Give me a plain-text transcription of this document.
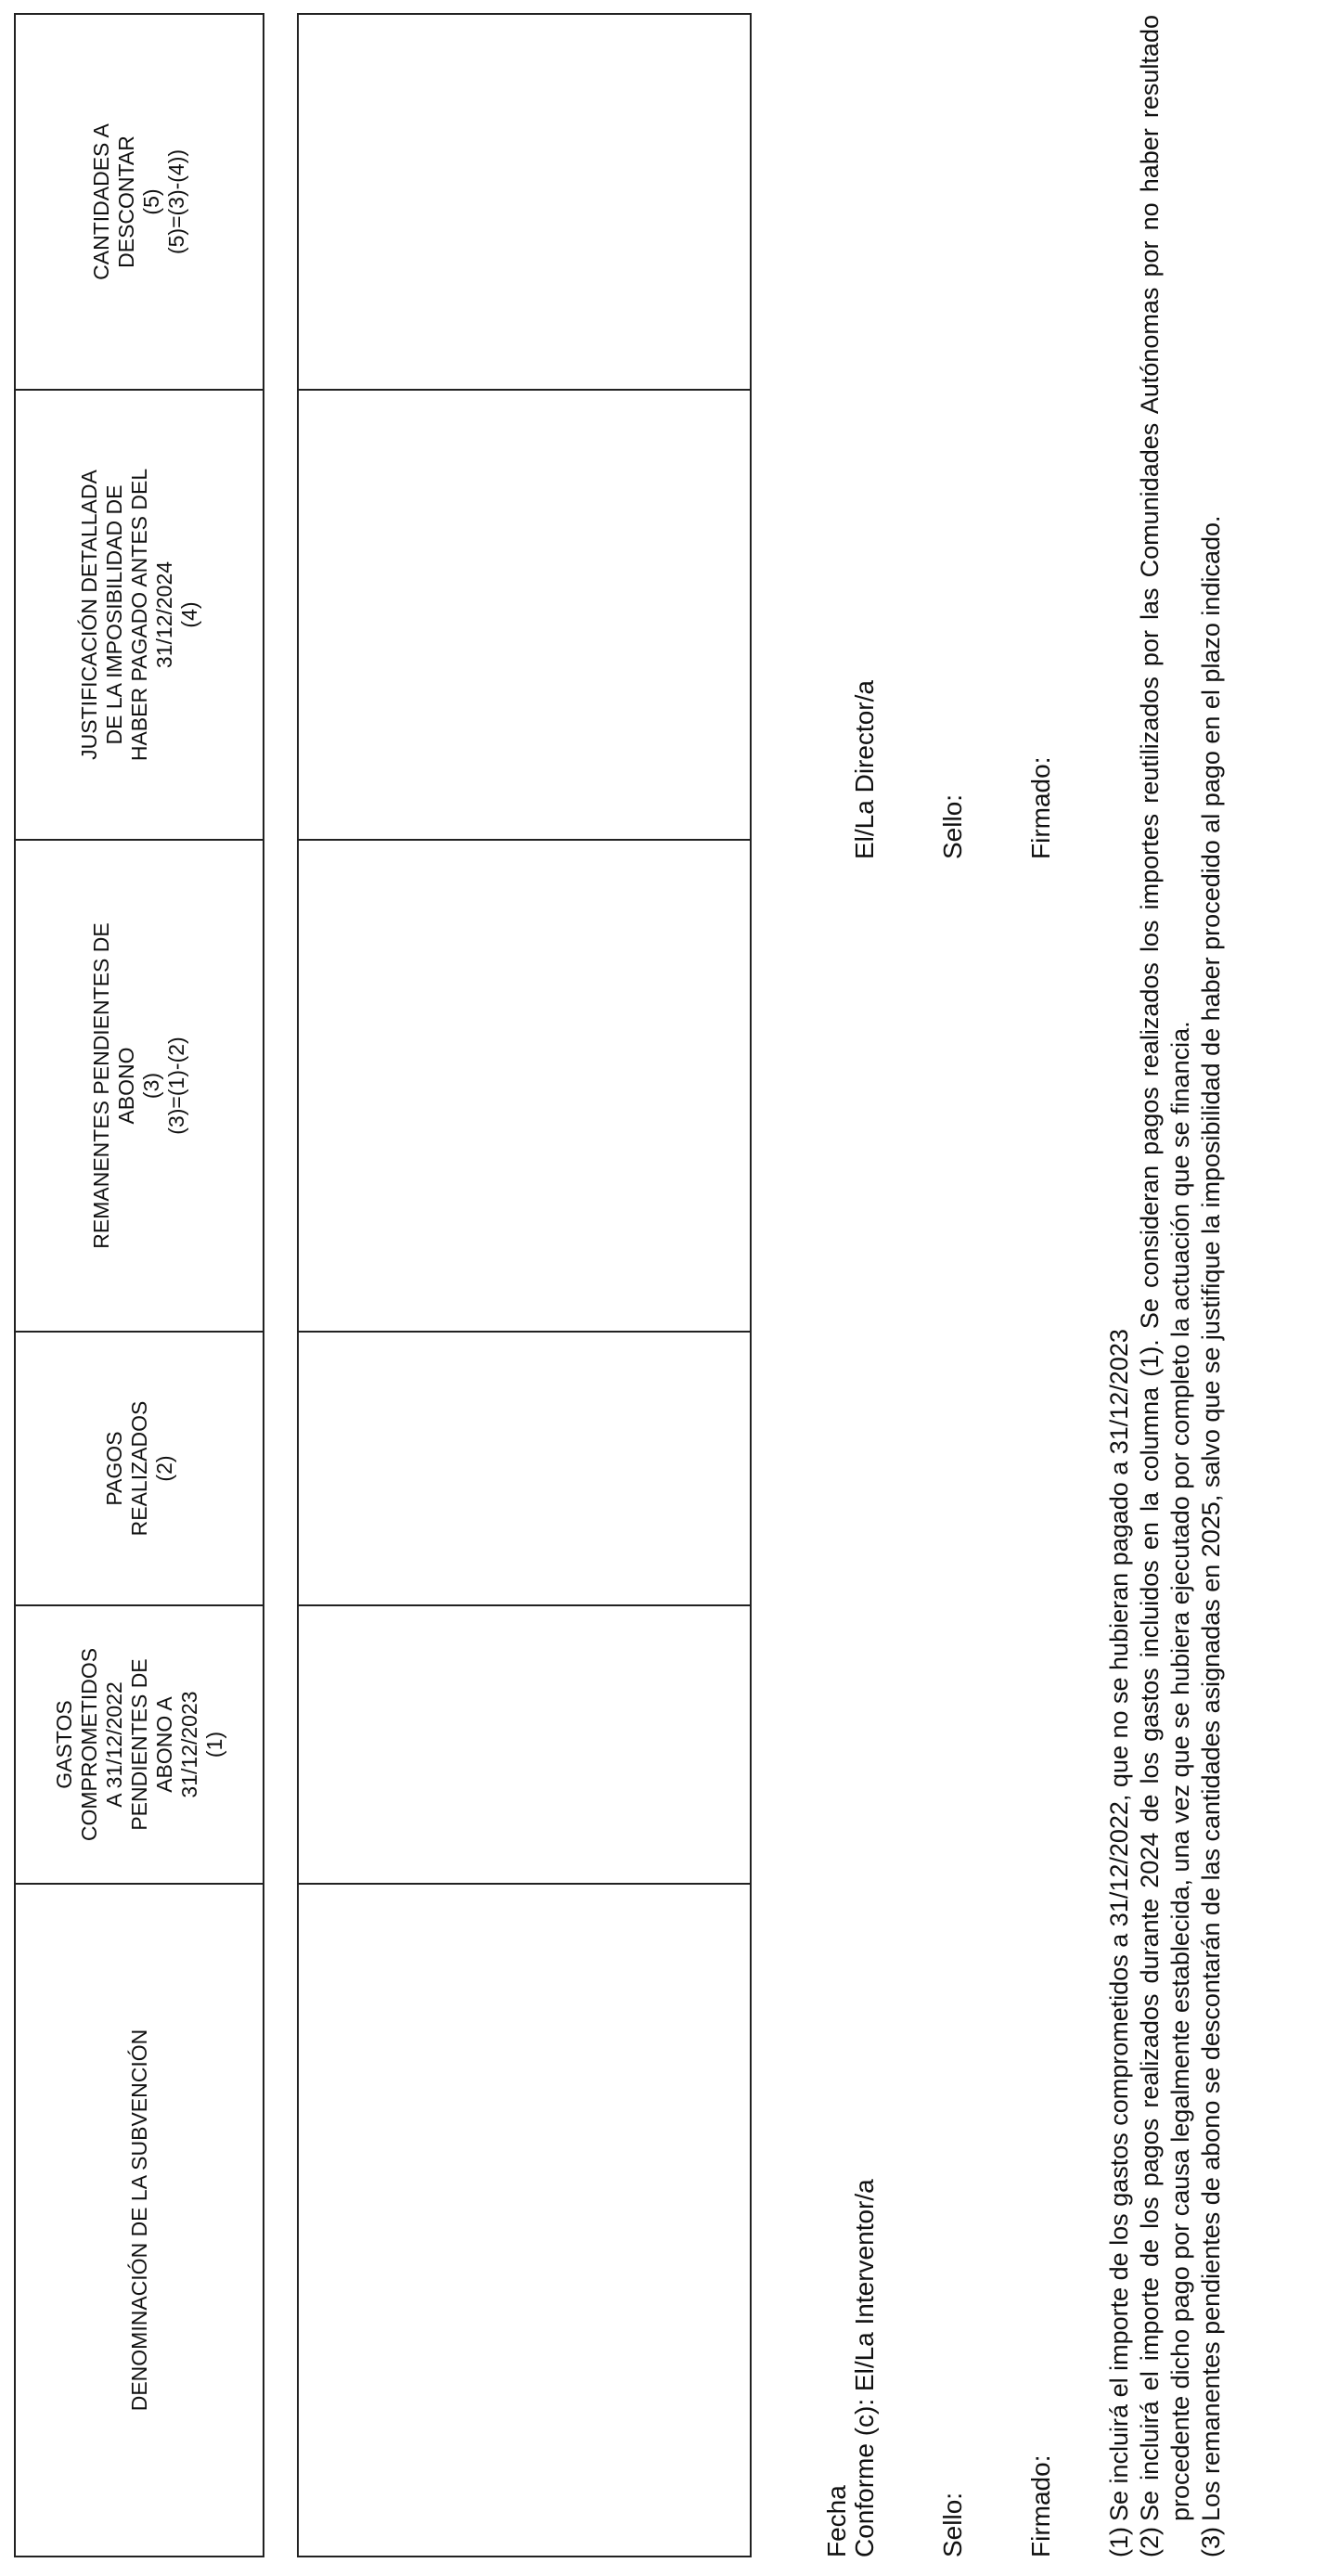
DENOMINACIÓN DE LA SUBVENCIÓN

GASTOS COMPROMETIDOS A 31/12/2022 PENDIENTES DE ABONO A 31/12/2023 (1)

PAGOS REALIZADOS (2)

REMANENTES PENDIENTES DE ABONO (3) (3)=(1)-(2)

JUSTIFICACIÓN DETALLADA DE LA IMPOSIBILIDAD DE HABER PAGADO ANTES DEL 31/12/2024 (4)

CANTIDADES A DESCONTAR (5) (5)=(3)-(4))

Fecha Conforme (c): El/La Interventor/a Sello: Firmado:
El/La Director/a Sello: Firmado:
(1)
Se incluirá el importe de los gastos comprometidos a 31/12/2022, que no se hubieran pagado a 31/12/2023
(2)
Se incluirá el importe de los pagos realizados durante 2024 de los gastos incluidos en la columna (1). Se consideran pagos realizados los importes reutilizados por las Comunidades Autónomas por no haber resultado procedente dicho pago por causa legalmente establecida, una vez que se hubiera ejecutado por completo la actuación que se financia.
(3)
Los remanentes pendientes de abono se descontarán de las cantidades asignadas en 2025, salvo que se justifique la imposibilidad de haber procedido al pago en el plazo indicado.
